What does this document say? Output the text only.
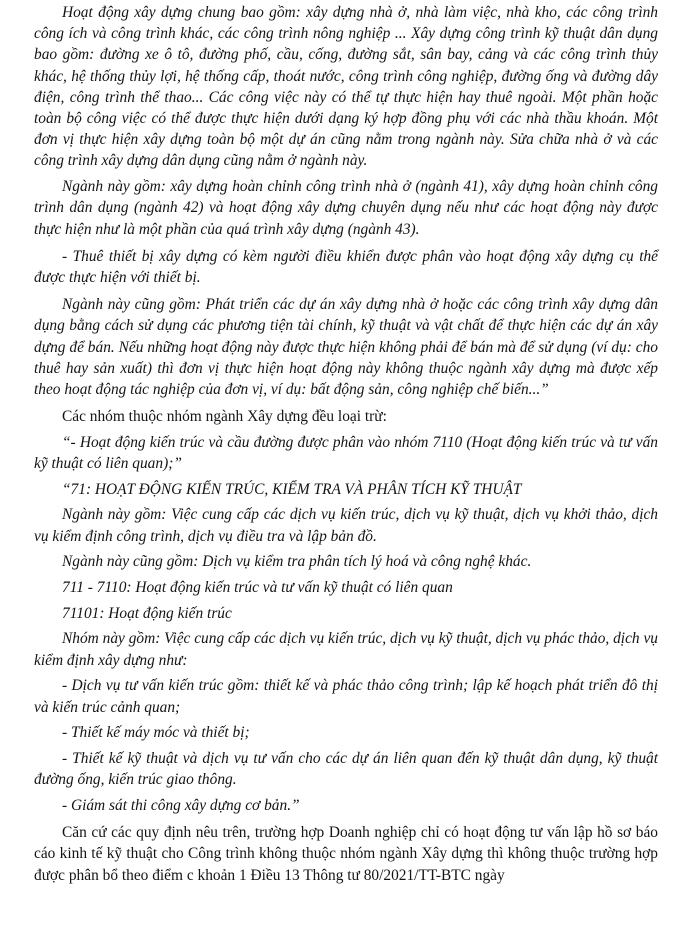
Hoạt động xây dựng chung bao gồm: xây dựng nhà ở, nhà làm việc, nhà kho, các công trình công ích và công trình khác, các công trình nông nghiệp ... Xây dựng công trình kỹ thuật dân dụng bao gồm: đường xe ô tô, đường phố, cầu, cống, đường sắt, sân bay, cảng và các công trình thủy khác, hệ thống thủy lợi, hệ thống cấp, thoát nước, công trình công nghiệp, đường ống và đường dây điện, công trình thể thao... Các công việc này có thể tự thực hiện hay thuê ngoài. Một phần hoặc toàn bộ công việc có thể được thực hiện dưới dạng ký hợp đồng phụ với các nhà thầu khoán. Một đơn vị thực hiện xây dựng toàn bộ một dự án cũng nằm trong ngành này. Sửa chữa nhà ở và các công trình xây dựng dân dụng cũng nằm ở ngành này.

Ngành này gồm: xây dựng hoàn chỉnh công trình nhà ở (ngành 41), xây dựng hoàn chỉnh công trình dân dụng (ngành 42) và hoạt động xây dựng chuyên dụng nếu như các hoạt động này được thực hiện như là một phần của quá trình xây dựng (ngành 43).

- Thuê thiết bị xây dựng có kèm người điều khiển được phân vào hoạt động xây dựng cụ thể được thực hiện với thiết bị.

Ngành này cũng gồm: Phát triển các dự án xây dựng nhà ở hoặc các công trình xây dựng dân dụng bằng cách sử dụng các phương tiện tài chính, kỹ thuật và vật chất để thực hiện các dự án xây dựng để bán. Nếu những hoạt động này được thực hiện không phải để bán mà để sử dụng (ví dụ: cho thuê hay sản xuất) thì đơn vị thực hiện hoạt động này không thuộc ngành xây dựng mà được xếp theo hoạt động tác nghiệp của đơn vị, ví dụ: bất động sản, công nghiệp chế biến...”

Các nhóm thuộc nhóm ngành Xây dựng đều loại trừ:

“- Hoạt động kiến trúc và cầu đường được phân vào nhóm 7110 (Hoạt động kiến trúc và tư vấn kỹ thuật có liên quan);”

“71: HOẠT ĐỘNG KIẾN TRÚC, KIỂM TRA VÀ PHÂN TÍCH KỸ THUẬT

Ngành này gồm: Việc cung cấp các dịch vụ kiến trúc, dịch vụ kỹ thuật, dịch vụ khởi thảo, dịch vụ kiểm định công trình, dịch vụ điều tra và lập bản đồ.

Ngành này cũng gồm: Dịch vụ kiểm tra phân tích lý hoá và công nghệ khác.

711 - 7110: Hoạt động kiến trúc và tư vấn kỹ thuật có liên quan

71101: Hoạt động kiến trúc

Nhóm này gồm: Việc cung cấp các dịch vụ kiến trúc, dịch vụ kỹ thuật, dịch vụ phác thảo, dịch vụ kiểm định xây dựng như:

- Dịch vụ tư vấn kiến trúc gồm: thiết kế và phác thảo công trình; lập kế hoạch phát triển đô thị và kiến trúc cảnh quan;

- Thiết kế máy móc và thiết bị;

- Thiết kế kỹ thuật và dịch vụ tư vấn cho các dự án liên quan đến kỹ thuật dân dụng, kỹ thuật đường ống, kiến trúc giao thông.

- Giám sát thi công xây dựng cơ bản.”

Căn cứ các quy định nêu trên, trường hợp Doanh nghiệp chỉ có hoạt động tư vấn lập hồ sơ báo cáo kinh tế kỹ thuật cho Công trình không thuộc nhóm ngành Xây dựng thì không thuộc trường hợp được phân bổ theo điểm c khoản 1 Điều 13 Thông tư 80/2021/TT-BTC ngày
